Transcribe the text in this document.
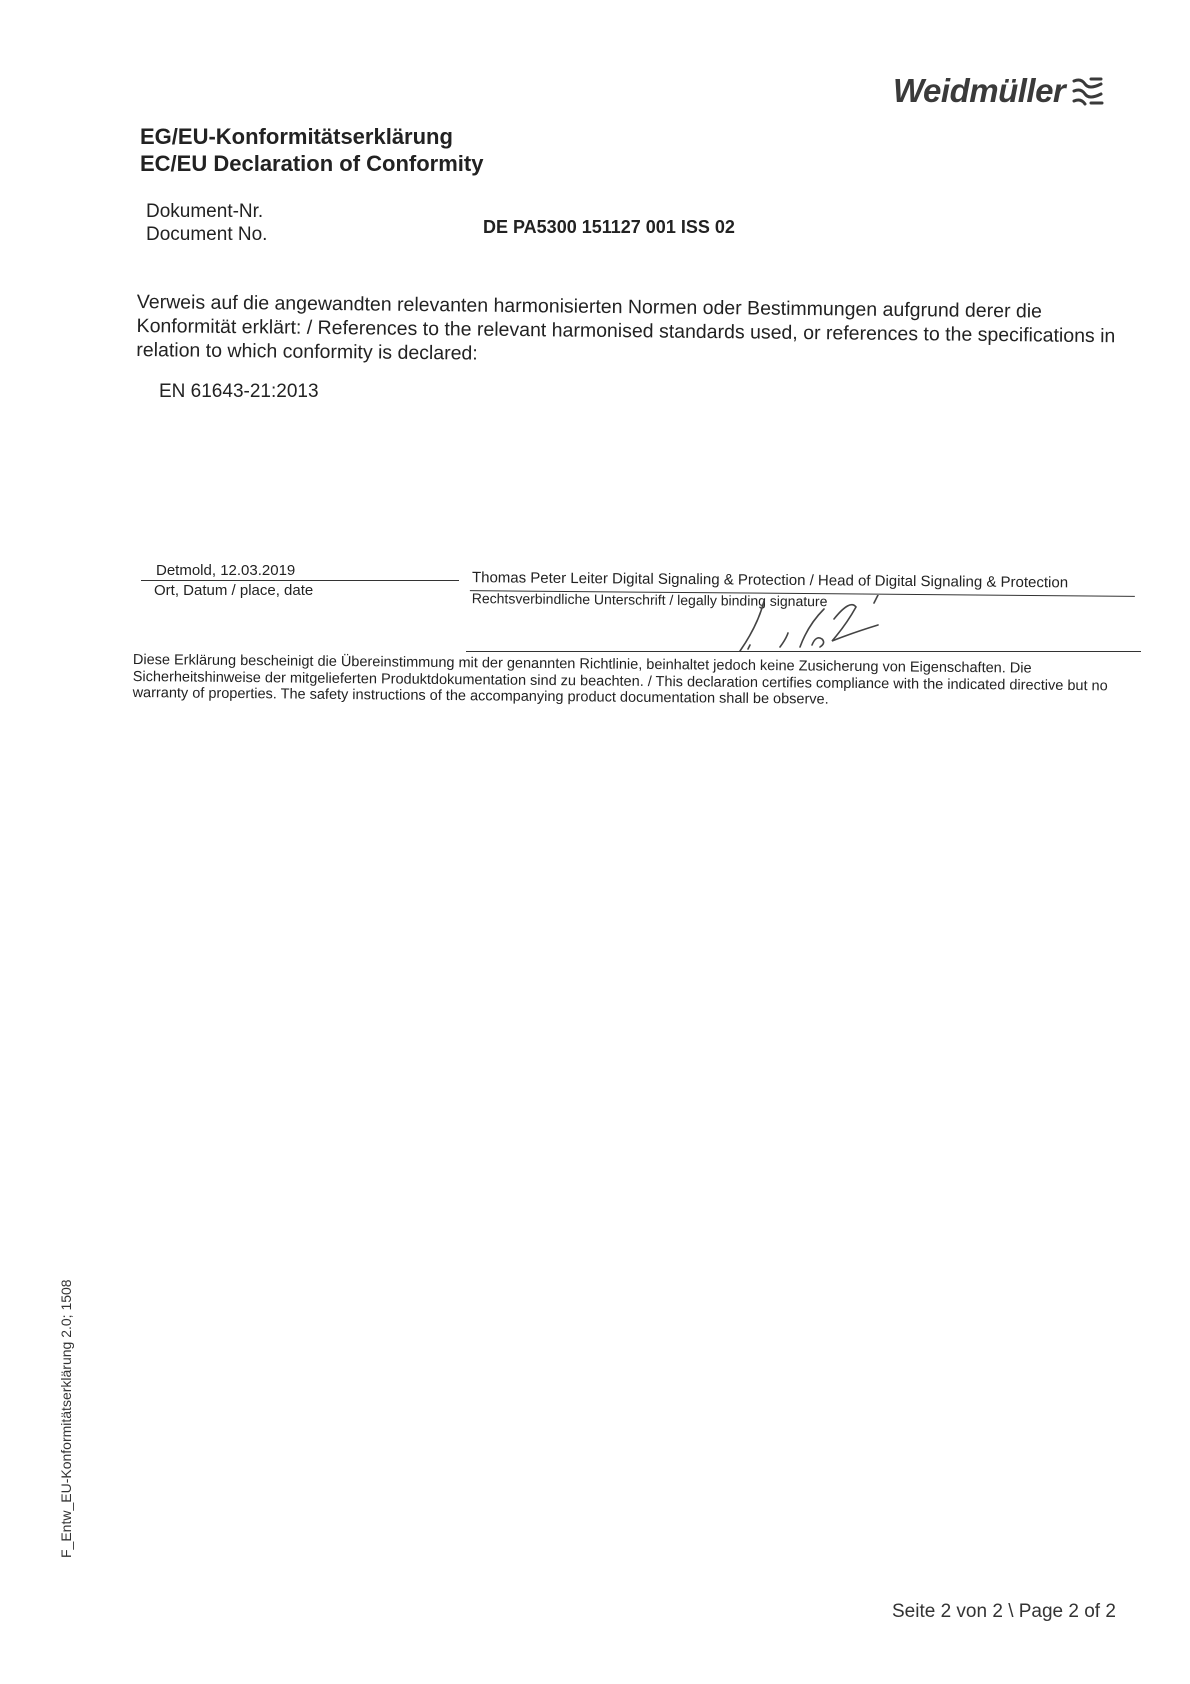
Weidmüller
EG/EU-Konformitätserklärung
EC/EU Declaration of Conformity
Dokument-Nr.
Document No.	DE PA5300 151127 001 ISS 02
Verweis auf die angewandten relevanten harmonisierten Normen oder Bestimmungen aufgrund derer die Konformität erklärt: / References to the relevant harmonised standards used, or references to the specifications in relation to which conformity is declared:
EN 61643-21:2013
Detmold, 12.03.2019
Ort, Datum / place, date	Thomas Peter Leiter Digital Signaling & Protection / Head of Digital Signaling & Protection
Rechtsverbindliche Unterschrift / legally binding signature
Diese Erklärung bescheinigt die Übereinstimmung mit der genannten Richtlinie, beinhaltet jedoch keine Zusicherung von Eigenschaften. Die Sicherheitshinweise der mitgelieferten Produktdokumentation sind zu beachten. / This declaration certifies compliance with the indicated directive but no warranty of properties. The safety instructions of the accompanying product documentation shall be observe.
F_Entw_EU-Konformitätserklärung 2.0; 1508
Seite 2 von 2 \ Page 2 of 2
